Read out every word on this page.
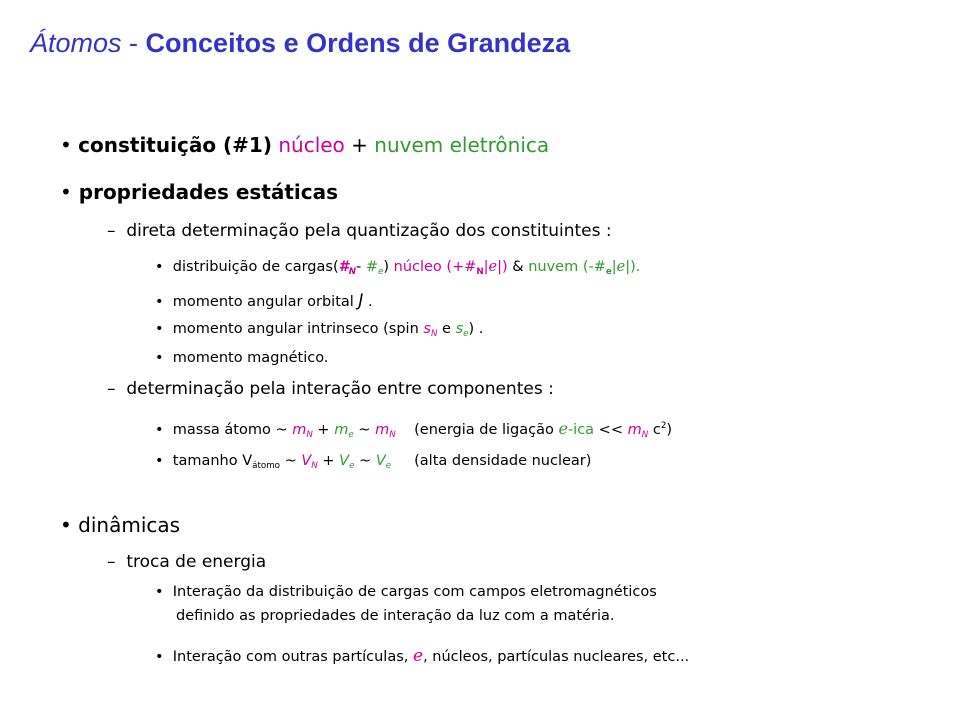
Átomos - Conceitos e Ordens de Grandeza
• constituição (#1) núcleo + nuvem eletrônica
• propriedades estáticas
– direta determinação pela quantização dos constituintes :
• distribuição de $cargas(\#_N-$ $\#_e$) núcleo $(+\#_N|e|)$ & nuvem $(-\#_e|e|)$.
• momento angular orbital J .
• momento angular intrinseco (spin $s_N$ e $s_e$) .
• momento magnético.
–  determinação pela interação entre componentes :
• massa átomo ~ $m_N + m_e$ ~ $m_N$ (energia de ligação $e-ica << m_N$ $c^2$)
• tamanho $V_{átomo}$ ~ $V_N + V_e$ ~ $V_e$ (alta densidade nuclear)
• dinâmicas
– troca de energia
• Interação da distribuição de cargas com campos eletromagnéticos
definido as propriedades de interação da luz com a matéria.
• Interação com outras partículas, e, núcleos, partículas nucleares, etc...
